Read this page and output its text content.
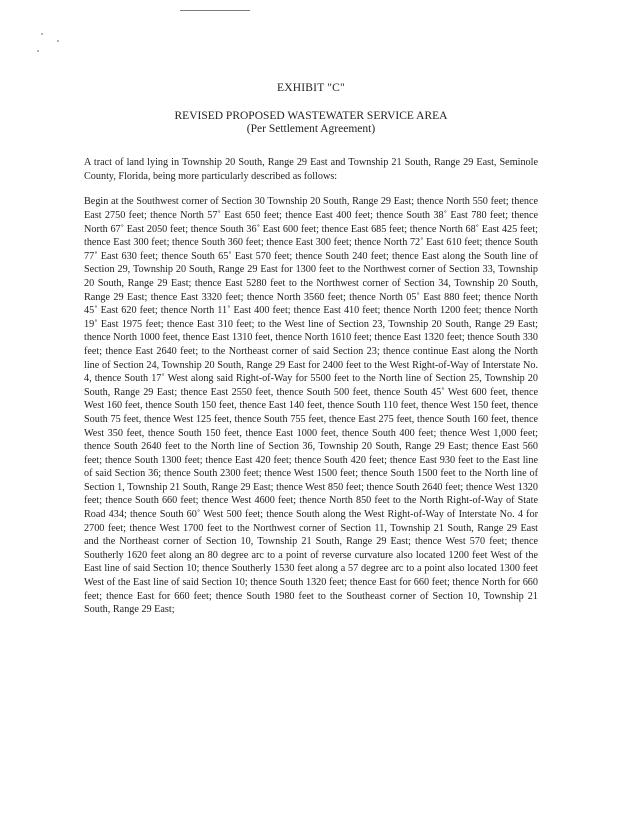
EXHIBIT "C"
REVISED PROPOSED WASTEWATER SERVICE AREA
(Per Settlement Agreement)

A tract of land lying in Township 20 South, Range 29 East and Township 21 South, Range 29 East, Seminole County, Florida, being more particularly described as follows:

Begin at the Southwest corner of Section 30 Township 20 South, Range 29 East; thence North 550 feet; thence East 2750 feet; thence North 57˚ East 650 feet; thence East 400 feet; thence South 38˚ East 780 feet; thence North 67˚ East 2050 feet; thence South 36˚ East 600 feet; thence East 685 feet; thence North 68˚ East 425 feet; thence East 300 feet; thence South 360 feet; thence East 300 feet; thence North 72˚ East 610 feet; thence South 77˚ East 630 feet; thence South 65˚ East 570 feet; thence South 240 feet; thence East along the South line of Section 29, Township 20 South, Range 29 East for 1300 feet to the Northwest corner of Section 33, Township 20 South, Range 29 East; thence East 5280 feet to the Northwest corner of Section 34, Township 20 South, Range 29 East; thence East 3320 feet; thence North 3560 feet; thence North 05˚ East 880 feet; thence North 45˚ East 620 feet; thence North 11˚ East 400 feet; thence East 410 feet; thence North 1200 feet; thence North 19˚ East 1975 feet; thence East 310 feet; to the West line of Section 23, Township 20 South, Range 29 East; thence North 1000 feet, thence East 1310 feet, thence North 1610 feet; thence East 1320 feet; thence South 330 feet; thence East 2640 feet; to the Northeast corner of said Section 23; thence continue East along the North line of Section 24, Township 20 South, Range 29 East for 2400 feet to the West Right-of-Way of Interstate No. 4, thence South 17˚ West along said Right-of-Way for 5500 feet to the North line of Section 25, Township 20 South, Range 29 East; thence East 2550 feet, thence South 500 feet, thence South 45˚ West 600 feet, thence West 160 feet, thence South 150 feet, thence East 140 feet, thence South 110 feet, thence West 150 feet, thence South 75 feet, thence West 125 feet, thence South 755 feet, thence East 275 feet, thence South 160 feet, thence West 350 feet, thence South 150 feet, thence East 1000 feet, thence South 400 feet; thence West 1,000 feet; thence South 2640 feet to the North line of Section 36, Township 20 South, Range 29 East; thence East 560 feet; thence South 1300 feet; thence East 420 feet; thence South 420 feet; thence East 930 feet to the East line of said Section 36; thence South 2300 feet; thence West 1500 feet; thence South 1500 feet to the North line of Section 1, Township 21 South, Range 29 East; thence West 850 feet; thence South 2640 feet; thence West 1320 feet; thence South 660 feet; thence West 4600 feet; thence North 850 feet to the North Right-of-Way of State Road 434; thence South 60˚ West 500 feet; thence South along the West Right-of-Way of Interstate No. 4 for 2700 feet; thence West 1700 feet to the Northwest corner of Section 11, Township 21 South, Range 29 East and the Northeast corner of Section 10, Township 21 South, Range 29 East; thence West 570 feet; thence Southerly 1620 feet along an 80 degree arc to a point of reverse curvature also located 1200 feet West of the East line of said Section 10; thence Southerly 1530 feet along a 57 degree arc to a point also located 1300 feet West of the East line of said Section 10; thence South 1320 feet; thence East for 660 feet; thence North for 660 feet; thence East for 660 feet; thence South 1980 feet to the Southeast corner of Section 10, Township 21 South, Range 29 East;
